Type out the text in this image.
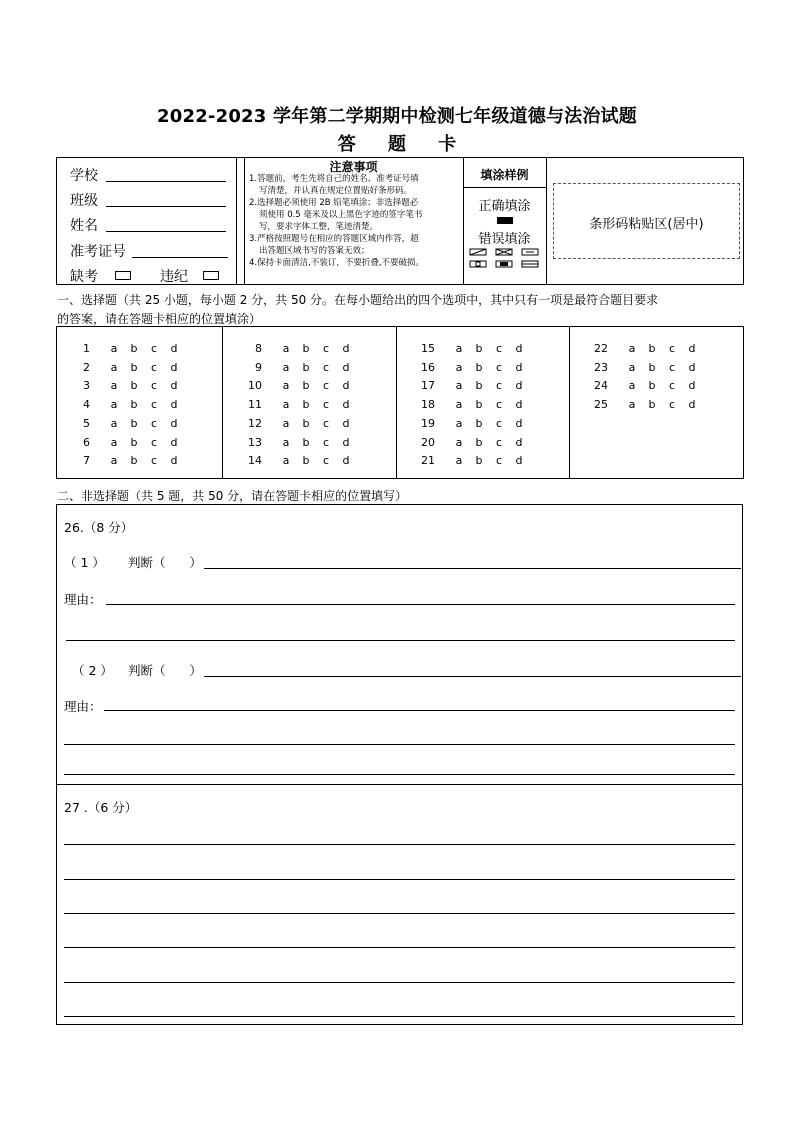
2022-2023 学年第二学期期中检测七年级道德与法治试题
答 题 卡
学校
班级
姓名
准考证号
缺考	违纪
注意事项
1.答题前，考生先将自己的姓名、准考证号填
写清楚，并认真在规定位置贴好条形码。
2.选择题必须使用 2B 铅笔填涂；非选择题必
须使用 0.5 毫米及以上黑色字迹的签字笔书
写，要求字体工整，笔迹清楚。
3.严格按照题号在相应的答题区域内作答，超
出答题区域书写的答案无效；
4.保持卡面清洁,不装订，不要折叠,不要破损。
填涂样例
正确填涂
错误填涂
条形码粘贴区(居中)
一、选择题（共 25 小题，每小题 2 分，共 50 分。在每小题给出的四个选项中，其中只有一项是最符合题目要求
的答案，请在答题卡相应的位置填涂）
1 a b c d
2 a b c d
3 a b c d
4 a b c d
5 a b c d
6 a b c d
7 a b c d
8 a b c d
9 a b c d
10 a b c d
11 a b c d
12 a b c d
13 a b c d
14 a b c d
15 a b c d
16 a b c d
17 a b c d
18 a b c d
19 a b c d
20 a b c d
21 a b c d
22 a b c d
23 a b c d
24 a b c d
25 a b c d
二、非选择题（共 5 题，共 50 分，请在答题卡相应的位置填写）
26.（8 分）
（ 1 ） 判断（      ）
理由：
（ 2 ） 判断（      ）
理由：
27 .（6 分）
